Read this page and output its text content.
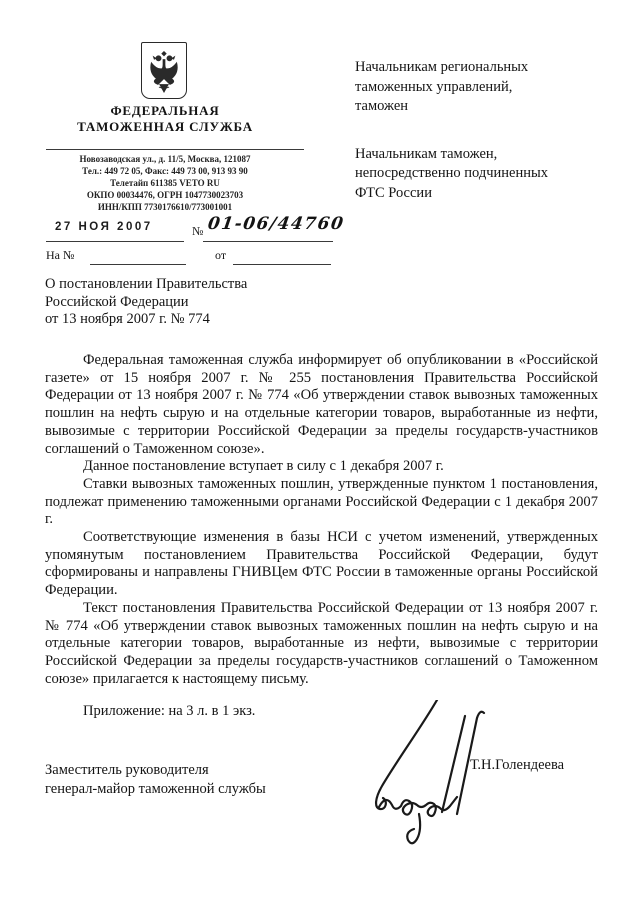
ФЕДЕРАЛЬНАЯ
ТАМОЖЕННАЯ СЛУЖБА
Новозаводская ул., д. 11/5, Москва, 121087
Тел.: 449 72 05, Факс: 449 73 00, 913 93 90
Телетайп 611385 VETO RU
ОКПО 00034476, ОГРН 1047730023703
ИНН/КПП 7730176610/773001001
27 НОЯ 2007	№ 01-06/44760
На №	от
О постановлении Правительства
Российской Федерации
от 13 ноября 2007 г. № 774
Начальникам региональных
таможенных управлений,
таможен
Начальникам таможен,
непосредственно подчиненных
ФТС России

Федеральная таможенная служба информирует об опубликовании в «Российской газете» от 15 ноября 2007 г. № 255 постановления Правительства Российской Федерации от 13 ноября 2007 г. № 774 «Об утверждении ставок вывозных таможенных пошлин на нефть сырую и на отдельные категории товаров, выработанные из нефти, вывозимые с территории Российской Федерации за пределы государств-участников соглашений о Таможенном союзе».

Данное постановление вступает в силу с 1 декабря 2007 г.

Ставки вывозных таможенных пошлин, утвержденные пунктом 1 постановления, подлежат применению таможенными органами Российской Федерации с 1 декабря 2007 г.

Соответствующие изменения в базы НСИ с учетом изменений, утвержденных упомянутым постановлением Правительства Российской Федерации, будут сформированы и направлены ГНИВЦем ФТС России в таможенные органы Российской Федерации.

Текст постановления Правительства Российской Федерации от 13 ноября 2007 г. № 774 «Об утверждении ставок вывозных таможенных пошлин на нефть сырую и на отдельные категории товаров, выработанные из нефти, вывозимые с территории Российской Федерации за пределы государств-участников соглашений о Таможенном союзе» прилагается к настоящему письму.

Приложение: на 3 л. в 1 экз.
Заместитель руководителя
генерал-майор таможенной службы
Т.Н.Голендеева
